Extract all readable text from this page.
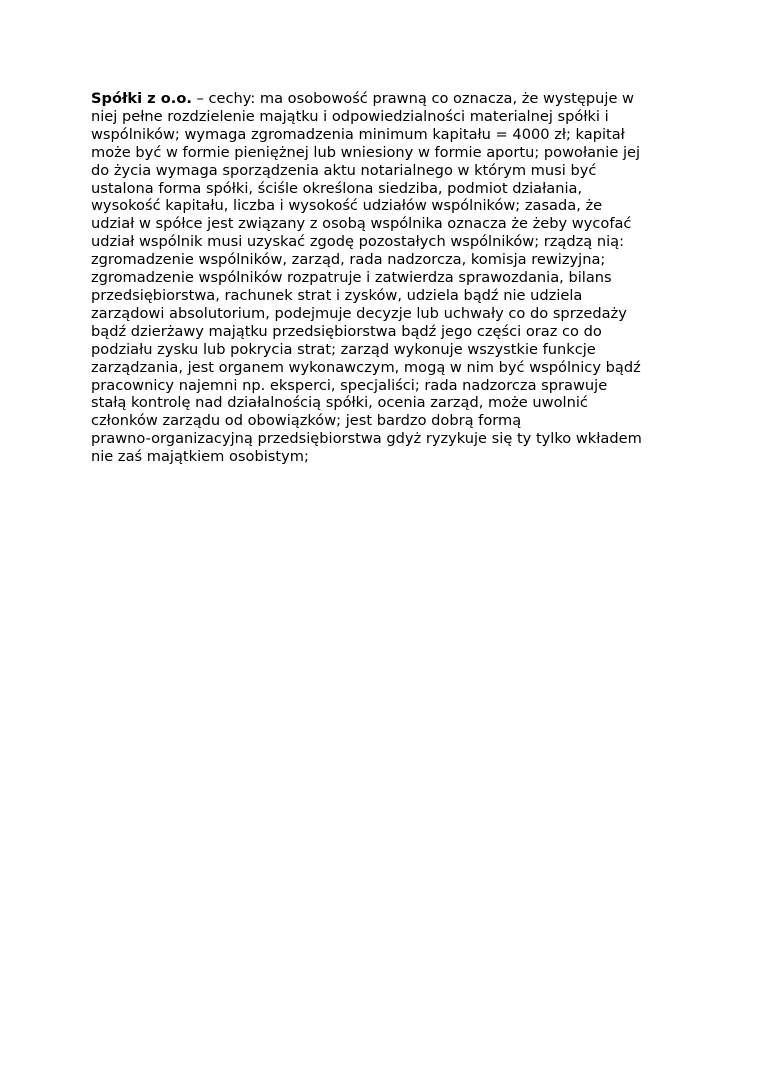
Spółki z o.o. – cechy: ma osobowość prawną co oznacza, że występuje w

niej pełne rozdzielenie majątku i odpowiedzialności materialnej spółki i

wspólników; wymaga zgromadzenia minimum kapitału = 4000 zł; kapitał

może być w formie pieniężnej lub wniesiony w formie aportu; powołanie jej

do życia wymaga sporządzenia aktu notarialnego w którym musi być

ustalona forma spółki, ściśle określona siedziba, podmiot działania,

wysokość kapitału, liczba i wysokość udziałów wspólników; zasada, że

udział w spółce jest związany z osobą wspólnika oznacza że żeby wycofać

udział wspólnik musi uzyskać zgodę pozostałych wspólników; rządzą nią:

zgromadzenie wspólników, zarząd, rada nadzorcza, komisja rewizyjna;

zgromadzenie wspólników rozpatruje i zatwierdza sprawozdania, bilans

przedsiębiorstwa, rachunek strat i zysków, udziela bądź nie udziela

zarządowi absolutorium, podejmuje decyzje lub uchwały co do sprzedaży

bądź dzierżawy majątku przedsiębiorstwa bądź jego części oraz co do

podziału zysku lub pokrycia strat; zarząd wykonuje wszystkie funkcje

zarządzania, jest organem wykonawczym, mogą w nim być wspólnicy bądź

pracownicy najemni np. eksperci, specjaliści; rada nadzorcza sprawuje

stałą kontrolę nad działalnością spółki, ocenia zarząd, może uwolnić

członków zarządu od obowiązków; jest bardzo dobrą formą

prawno-organizacyjną przedsiębiorstwa gdyż ryzykuje się ty tylko wkładem

nie zaś majątkiem osobistym;
